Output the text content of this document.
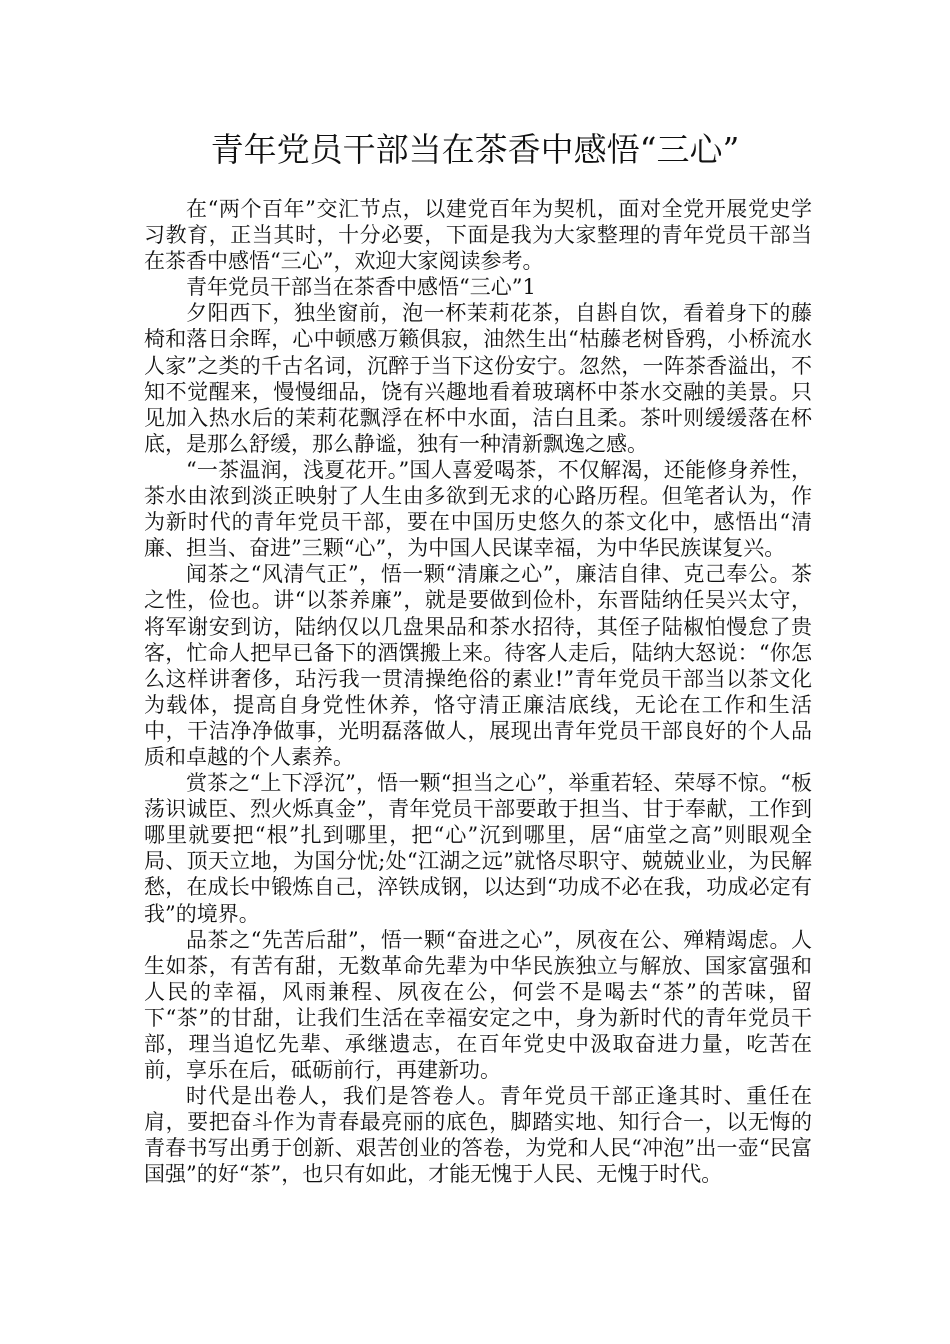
青年党员干部当在茶香中感悟“三心”

在“两个百年”交汇节点，以建党百年为契机，面对全党开展党史学习教育，正当其时，十分必要，下面是我为大家整理的青年党员干部当在茶香中感悟“三心”，欢迎大家阅读参考。

青年党员干部当在茶香中感悟“三心”1

夕阳西下，独坐窗前，泡一杯茉莉花茶，自斟自饮，看着身下的藤椅和落日余晖，心中顿感万籁俱寂，油然生出“枯藤老树昏鸦，小桥流水人家”之类的千古名词，沉醉于当下这份安宁。忽然，一阵茶香溢出，不知不觉醒来，慢慢细品，饶有兴趣地看着玻璃杯中茶水交融的美景。只见加入热水后的茉莉花飘浮在杯中水面，洁白且柔。茶叶则缓缓落在杯底，是那么舒缓，那么静谧，独有一种清新飘逸之感。

“一茶温润，浅夏花开。”国人喜爱喝茶，不仅解渴，还能修身养性，茶水由浓到淡正映射了人生由多欲到无求的心路历程。但笔者认为，作为新时代的青年党员干部，要在中国历史悠久的茶文化中，感悟出“清廉、担当、奋进”三颗“心”，为中国人民谋幸福，为中华民族谋复兴。

闻茶之“风清气正”，悟一颗“清廉之心”，廉洁自律、克己奉公。茶之性，俭也。讲“以茶养廉”，就是要做到俭朴，东晋陆纳任吴兴太守，将军谢安到访，陆纳仅以几盘果品和茶水招待，其侄子陆椒怕慢怠了贵客，忙命人把早已备下的酒馔搬上来。待客人走后，陆纳大怒说：“你怎么这样讲奢侈，玷污我一贯清操绝俗的素业!”青年党员干部当以茶文化为载体，提高自身党性休养，恪守清正廉洁底线，无论在工作和生活中，干洁净净做事，光明磊落做人，展现出青年党员干部良好的个人品质和卓越的个人素养。

赏茶之“上下浮沉”，悟一颗“担当之心”，举重若轻、荣辱不惊。“板荡识诚臣、烈火烁真金”，青年党员干部要敢于担当、甘于奉献，工作到哪里就要把“根”扎到哪里，把“心”沉到哪里，居“庙堂之高”则眼观全局、顶天立地，为国分忧;处“江湖之远”就恪尽职守、兢兢业业，为民解愁，在成长中锻炼自己，淬铁成钢，以达到“功成不必在我，功成必定有我”的境界。

品茶之“先苦后甜”，悟一颗“奋进之心”，夙夜在公、殚精竭虑。人生如茶，有苦有甜，无数革命先辈为中华民族独立与解放、国家富强和人民的幸福，风雨兼程、夙夜在公，何尝不是喝去“茶”的苦味，留下“茶”的甘甜，让我们生活在幸福安定之中，身为新时代的青年党员干部，理当追忆先辈、承继遗志，在百年党史中汲取奋进力量，吃苦在前，享乐在后，砥砺前行，再建新功。

时代是出卷人，我们是答卷人。青年党员干部正逢其时、重任在肩，要把奋斗作为青春最亮丽的底色，脚踏实地、知行合一，以无悔的青春书写出勇于创新、艰苦创业的答卷，为党和人民“冲泡”出一壶“民富国强”的好“茶”，也只有如此，才能无愧于人民、无愧于时代。
